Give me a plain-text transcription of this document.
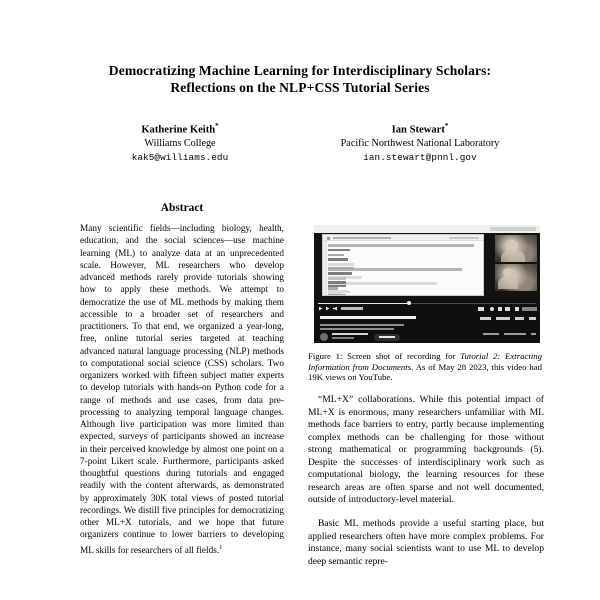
Democratizing Machine Learning for Interdisciplinary Scholars:
Reflections on the NLP+CSS Tutorial Series
Katherine Keith*
Williams College
kak5@williams.edu
Ian Stewart*
Pacific Northwest National Laboratory
ian.stewart@pnnl.gov
Abstract
Many scientific fields—including biology, health, education, and the social sciences—use machine learning (ML) to analyze data at an unprecedented scale. However, ML researchers who develop advanced methods rarely provide tutorials showing how to apply these methods. We attempt to democratize the use of ML methods by making them accessible to a broader set of researchers and practitioners. To that end, we organized a year-long, free, online tutorial series targeted at teaching advanced natural language processing (NLP) methods to computational social science (CSS) scholars. Two organizers worked with fifteen subject matter experts to develop tutorials with hands-on Python code for a range of methods and use cases, from data pre-processing to analyzing temporal language changes. Although live participation was more limited than expected, surveys of participants showed an increase in their perceived knowledge by almost one point on a 7-point Likert scale. Furthermore, participants asked thoughtful questions during tutorials and engaged readily with the content afterwards, as demonstrated by approximately 30K total views of posted tutorial recordings. We distill five principles for democratizing other ML+X tutorials, and we hope that future organizers continue to lower barriers to developing ML skills for researchers of all fields.$^1$
Figure 1: Screen shot of recording for Tutorial 2: Extracting Information from Documents. As of May 28 2023, this video had 19K views on YouTube.

“ML+X” collaborations. While this potential impact of ML+X is enormous, many researchers unfamiliar with ML methods face barriers to entry, partly because implementing complex methods can be challenging for those without strong mathematical or programming backgrounds (5). Despite the successes of interdisciplinary work such as computational biology, the learning resources for these research areas are often sparse and not well documented, outside of introductory-level material.

Basic ML methods provide a useful starting place, but applied researchers often have more complex problems. For instance, many social scientists want to use ML to develop deep semantic repre-
